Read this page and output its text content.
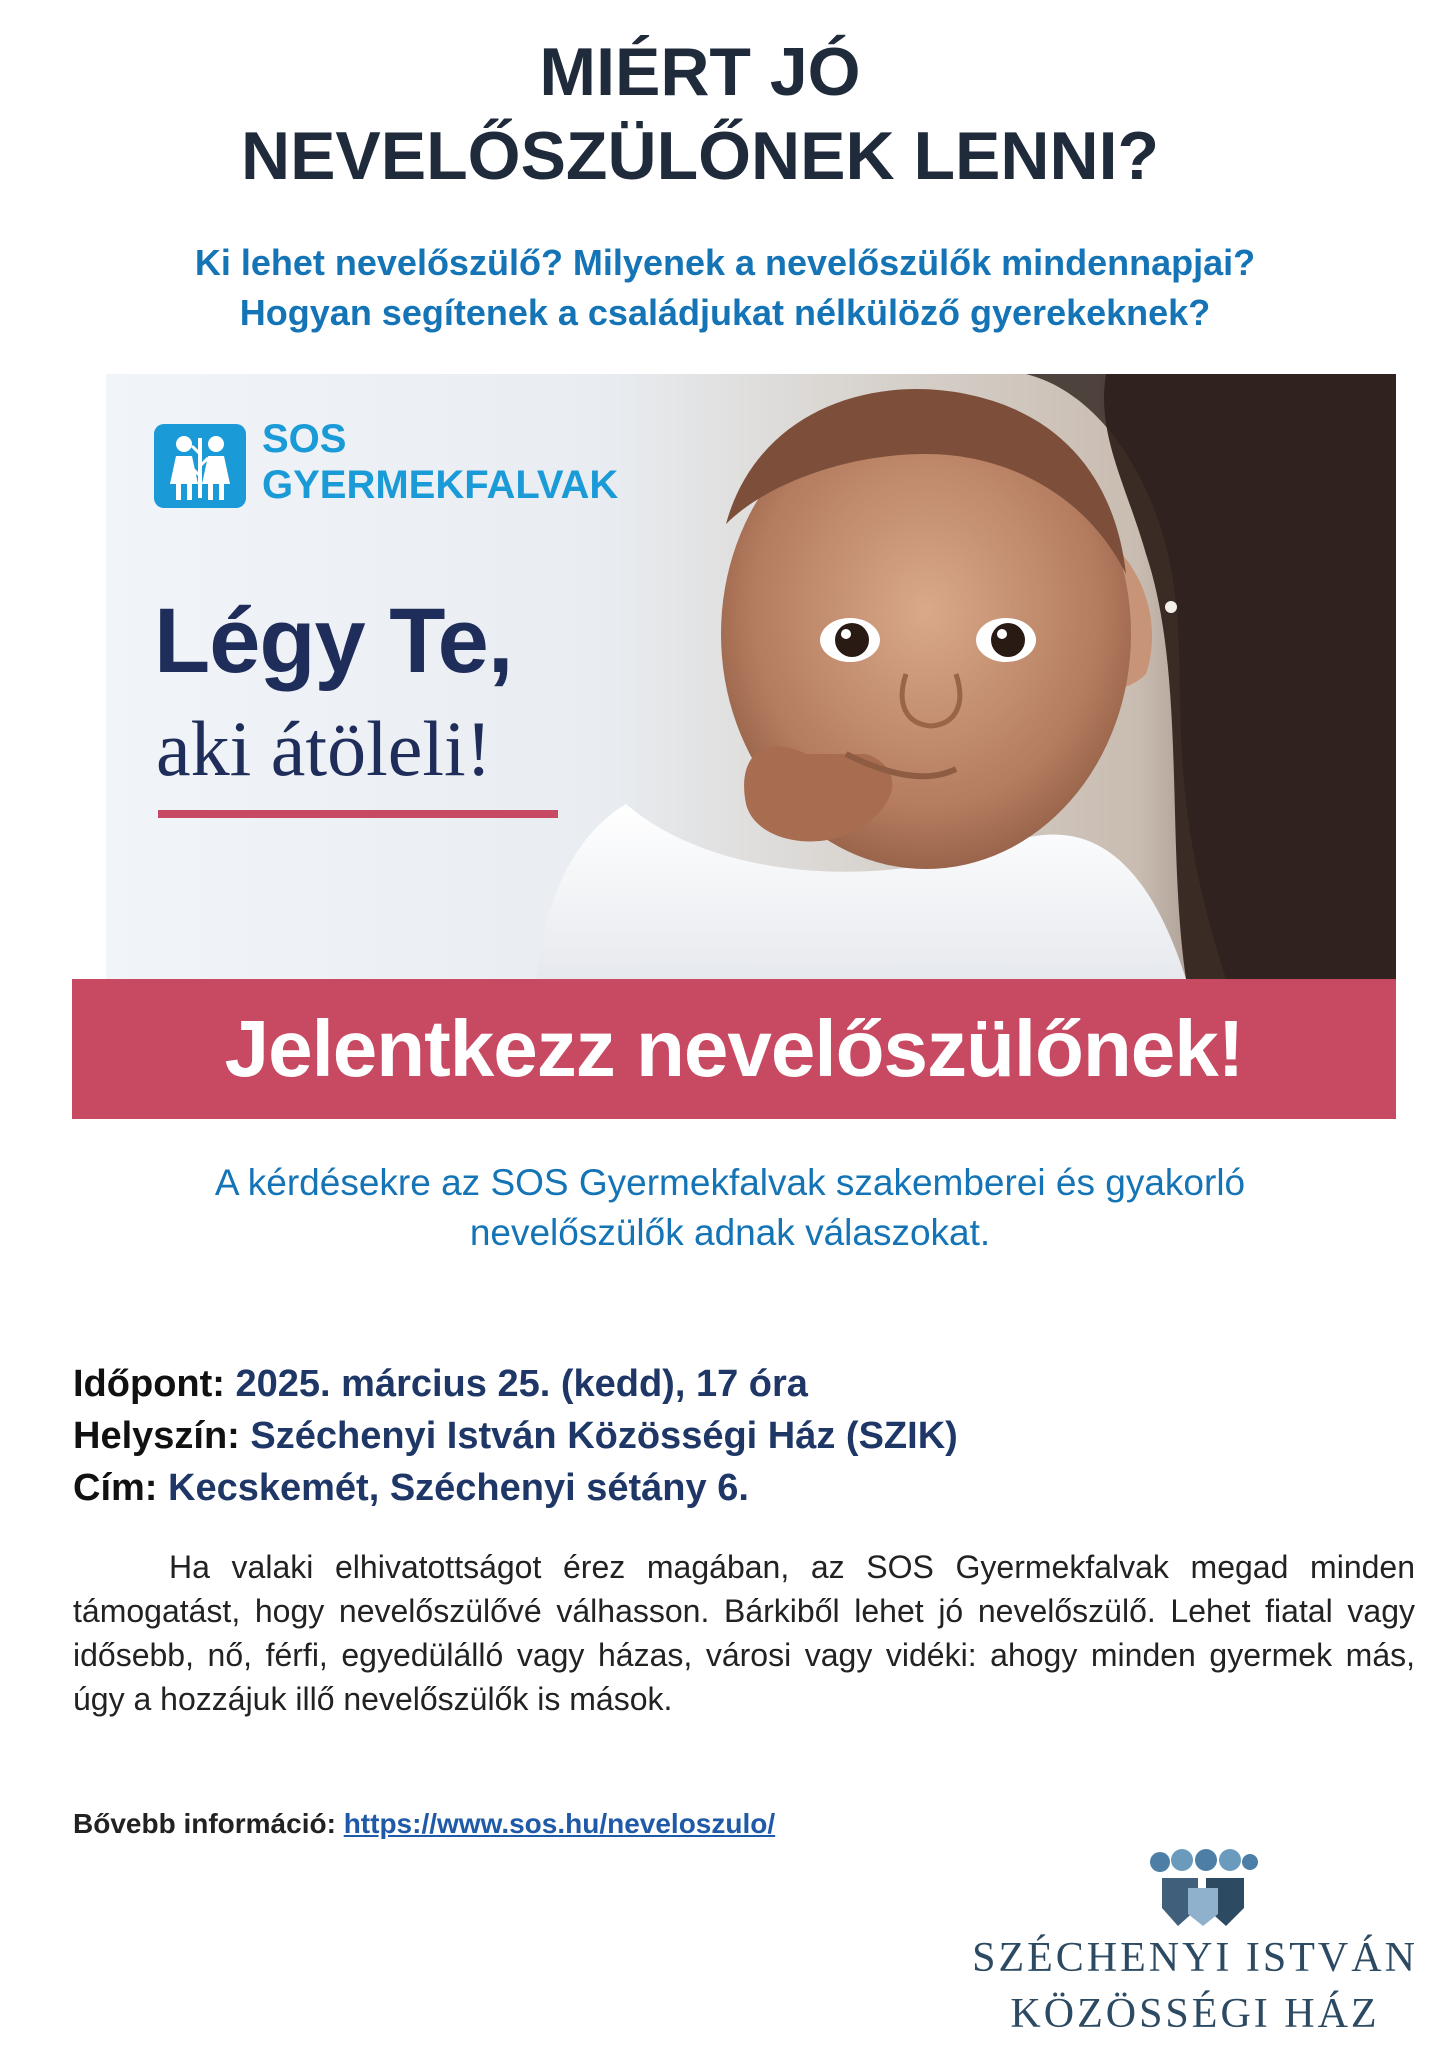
MIÉRT JÓ
NEVELŐSZÜLŐNEK LENNI?
Ki lehet nevelőszülő? Milyenek a nevelőszülők mindennapjai?
Hogyan segítenek a családjukat nélkülöző gyerekeknek?
SOS
GYERMEKFALVAK
Légy Te,
aki átöleli!
Jelentkezz nevelőszülőnek!
A kérdésekre az SOS Gyermekfalvak szakemberei és gyakorló
nevelőszülők adnak válaszokat.
Időpont: 2025. március 25. (kedd), 17 óra
Helyszín: Széchenyi István Közösségi Ház (SZIK)
Cím: Kecskemét, Széchenyi sétány 6.
Ha valaki elhivatottságot érez magában, az SOS Gyermekfalvak megad minden támogatást, hogy nevelőszülővé válhasson. Bárkiből lehet jó nevelőszülő. Lehet fiatal vagy idősebb, nő, férfi, egyedülálló vagy házas, városi vagy vidéki: ahogy minden gyermek más, úgy a hozzájuk illő nevelőszülők is mások.
Bővebb információ: https://www.sos.hu/neveloszulo/
SZÉCHENYI ISTVÁN
KÖZÖSSÉGI HÁZ
